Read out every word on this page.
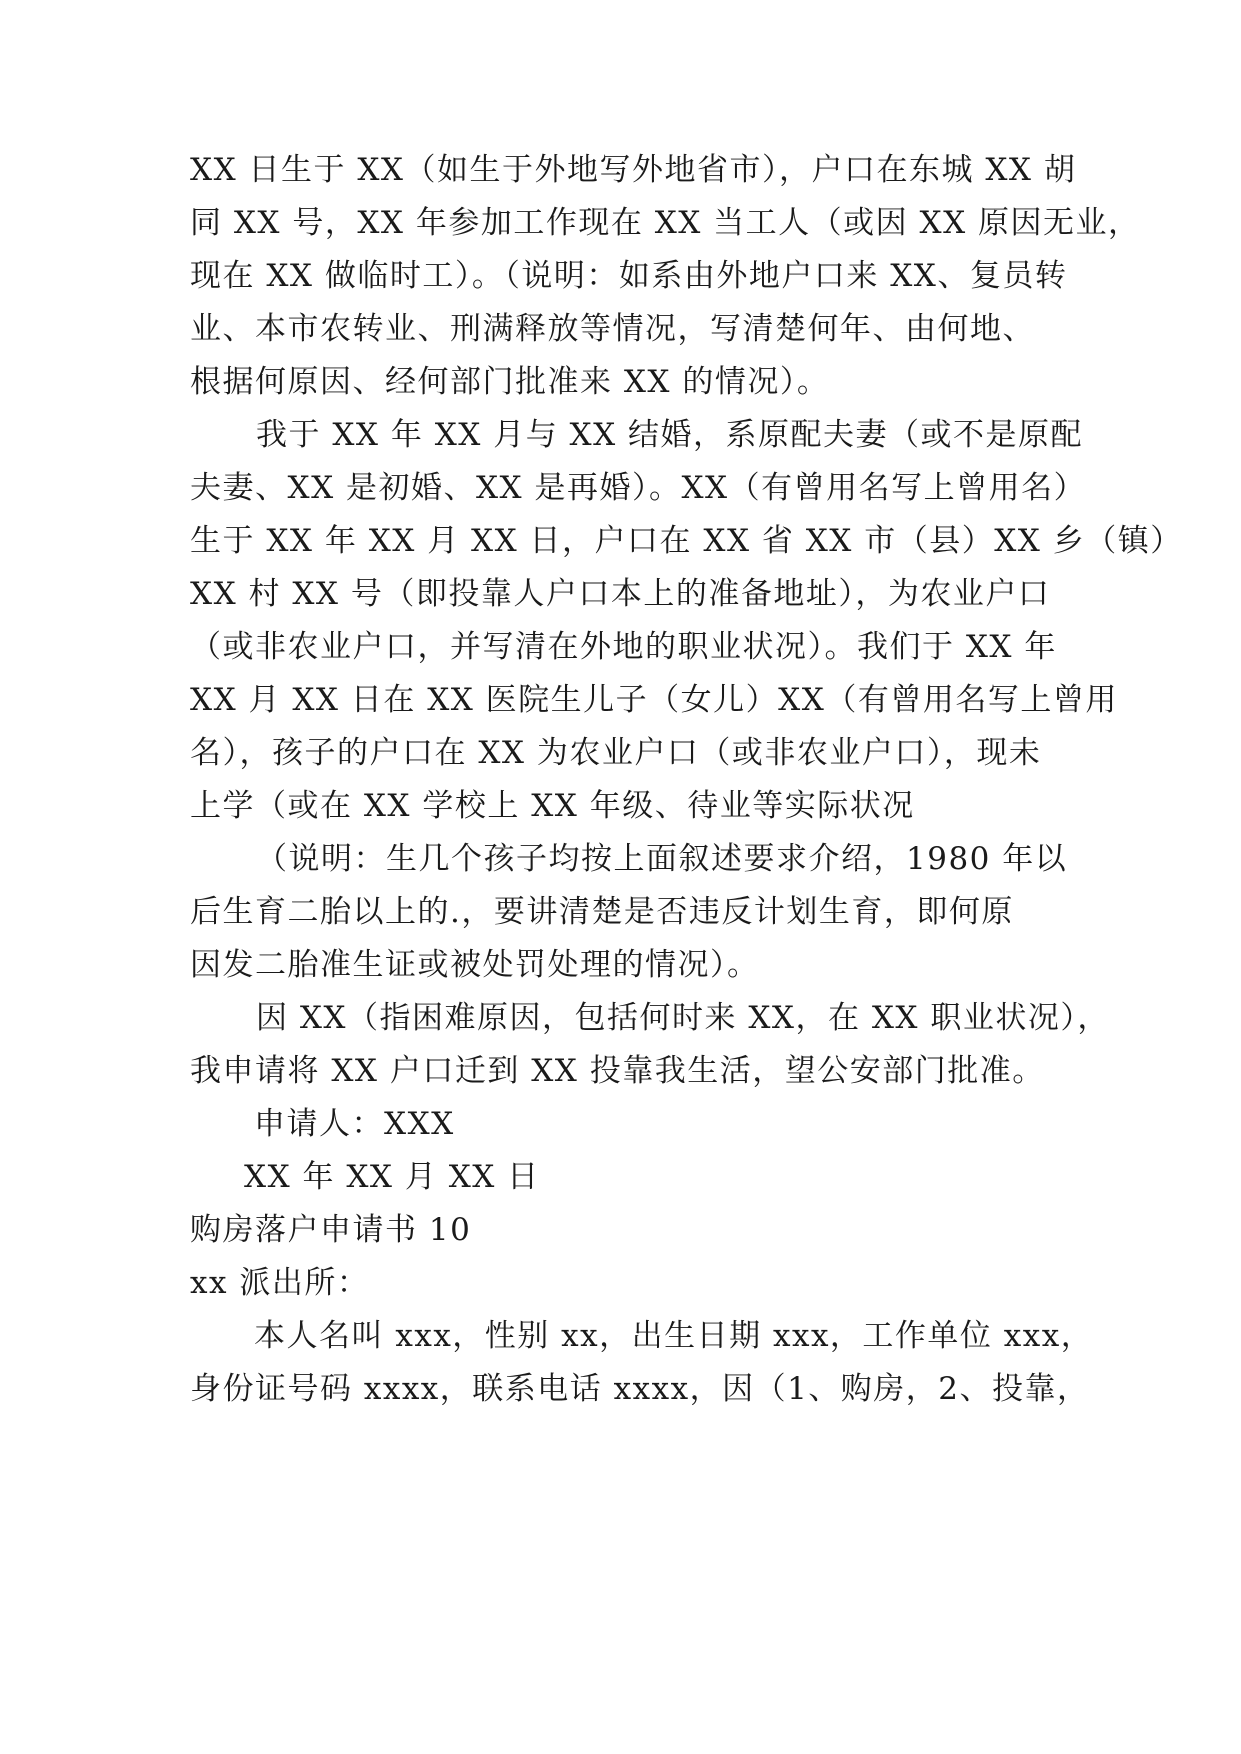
XX 日生于 XX（如生于外地写外地省市），户口在东城 XX 胡
同 XX 号，XX 年参加工作现在 XX 当工人（或因 XX 原因无业，
现在 XX 做临时工）。（说明：如系由外地户口来 XX、复员转
业、本市农转业、刑满释放等情况，写清楚何年、由何地、
根据何原因、经何部门批准来 XX 的情况）。
我于 XX 年 XX 月与 XX 结婚，系原配夫妻（或不是原配
夫妻、XX 是初婚、XX 是再婚）。XX（有曾用名写上曾用名）
生于 XX 年 XX 月 XX 日，户口在 XX 省 XX 市（县）XX 乡（镇）
XX 村 XX 号（即投靠人户口本上的准备地址），为农业户口
（或非农业户口，并写清在外地的职业状况）。我们于 XX 年
XX 月 XX 日在 XX 医院生儿子（女儿）XX（有曾用名写上曾用
名），孩子的户口在 XX 为农业户口（或非农业户口），现未
上学（或在 XX 学校上 XX 年级、待业等实际状况
（说明：生几个孩子均按上面叙述要求介绍，1980 年以
后生育二胎以上的.，要讲清楚是否违反计划生育，即何原
因发二胎准生证或被处罚处理的情况）。
因 XX（指困难原因，包括何时来 XX，在 XX 职业状况），
我申请将 XX 户口迁到 XX 投靠我生活，望公安部门批准。
申请人：XXX
XX 年 XX 月 XX 日
购房落户申请书 10
xx 派出所：
本人名叫 xxx，性别 xx，出生日期 xxx，工作单位 xxx，
身份证号码 xxxx，联系电话 xxxx，因（1、购房，2、投靠，
